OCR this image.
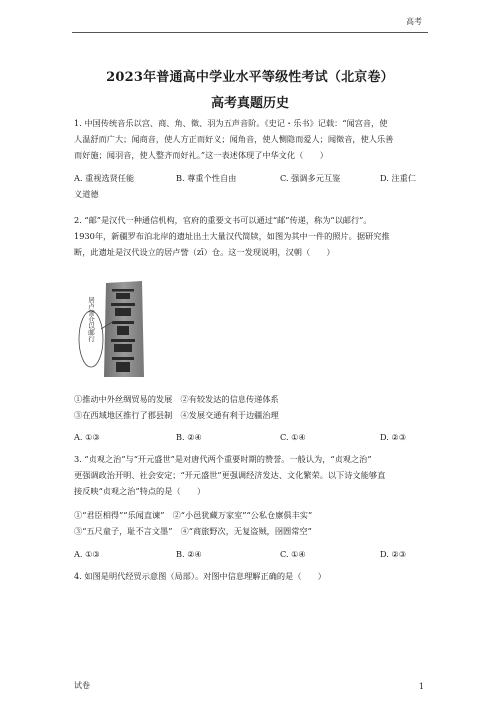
高考
2023年普通高中学业水平等级性考试（北京卷）
高考真题历史

1. 中国传统音乐以宫、商、角、徵、羽为五声音阶。《史记・乐书》记载：“闻宫音，使

人温舒而广大；闻商音，使人方正而好义；闻角音，使人恻隐而爱人；闻徵音，使人乐善

而好施；闻羽音，使人整齐而好礼。”这一表述体现了中华文化（　　）

A. 重视选贤任能	B. 尊重个性自由	C. 强调多元互鉴	D. 注重仁

义道德

2. “邮”是汉代一种通信机构，官府的重要文书可以通过“邮”传递，称为“以邮行”。

1930年，新疆罗布泊北岸的遗址出土大量汉代简牍，如图为其中一件的照片。据研究推

断，此遗址是汉代设立的居卢訾（zī）仓。这一发现说明，汉朝（　　）

居卢訾仓以邮行

①推动中外丝绸贸易的发展　②有较发达的信息传递体系

③在西域地区推行了郡县制　④发展交通有利于边疆治理

A. ①③	B. ②④	C. ①④	D. ②③

3. “贞观之治”与“开元盛世”是对唐代两个重要时期的赞誉。一般认为，“贞观之治”

更强调政治开明、社会安定；“开元盛世”更强调经济发达、文化繁荣。以下诗文能够直

接反映“贞观之治”特点的是（　　）

①“君臣相得”“乐闻直谏”　②“小邑犹藏万家室”“公私仓廪俱丰实”

③“五尺童子，耻不言文墨”　④“商旅野次，无复盗贼，囹圄常空”

A. ①③	B. ②④	C. ①④	D. ②③

4. 如图是明代经贸示意图（局部）。对图中信息理解正确的是（　　）

试卷	1
